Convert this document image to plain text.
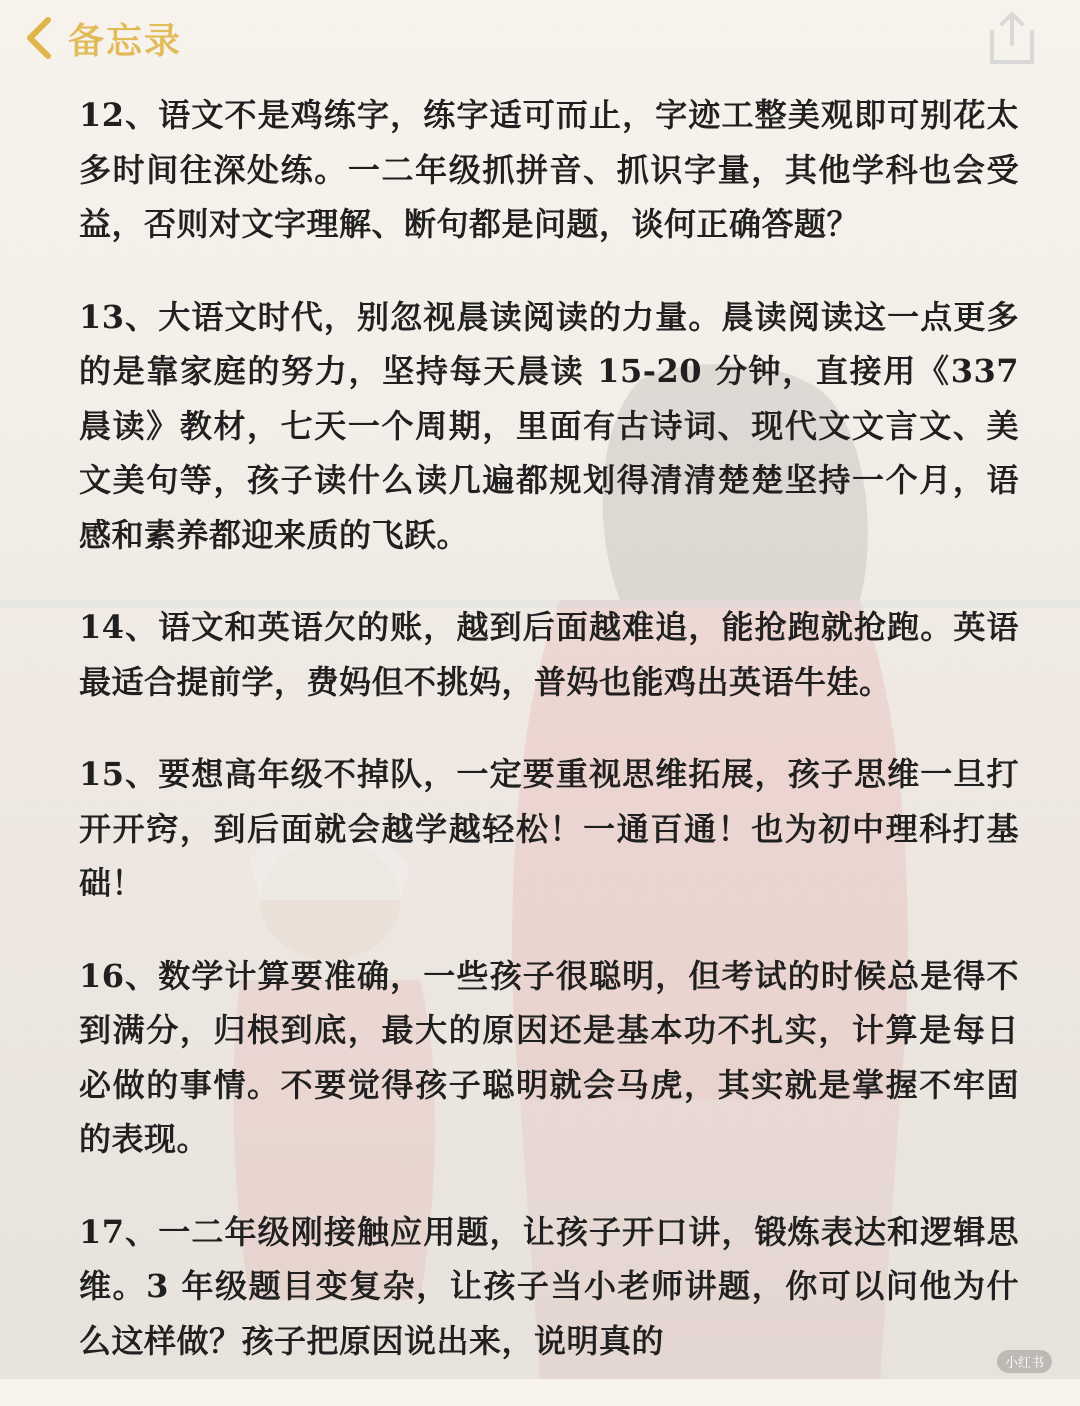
备忘录

12、语文不是鸡练字，练字适可而止，字迹工整美观即可别花太多时间往深处练。一二年级抓拼音、抓识字量，其他学科也会受益，否则对文字理解、断句都是问题，谈何正确答题？

13、大语文时代，别忽视晨读阅读的力量。晨读阅读这一点更多的是靠家庭的努力，坚持每天晨读 15-20 分钟，直接用《337晨读》教材，七天一个周期，里面有古诗词、现代文文言文、美文美句等，孩子读什么读几遍都规划得清清楚楚坚持一个月，语感和素养都迎来质的飞跃。

14、语文和英语欠的账，越到后面越难追，能抢跑就抢跑。英语最适合提前学，费妈但不挑妈，普妈也能鸡出英语牛娃。

15、要想高年级不掉队，一定要重视思维拓展，孩子思维一旦打开开窍，到后面就会越学越轻松！一通百通！也为初中理科打基础！

16、数学计算要准确，一些孩子很聪明，但考试的时候总是得不到满分，归根到底，最大的原因还是基本功不扎实，计算是每日必做的事情。不要觉得孩子聪明就会马虎，其实就是掌握不牢固的表现。

17、一二年级刚接触应用题，让孩子开口讲，锻炼表达和逻辑思维。3 年级题目变复杂，让孩子当小老师讲题，你可以问他为什么这样做？孩子把原因说出来，说明真的

小红书
